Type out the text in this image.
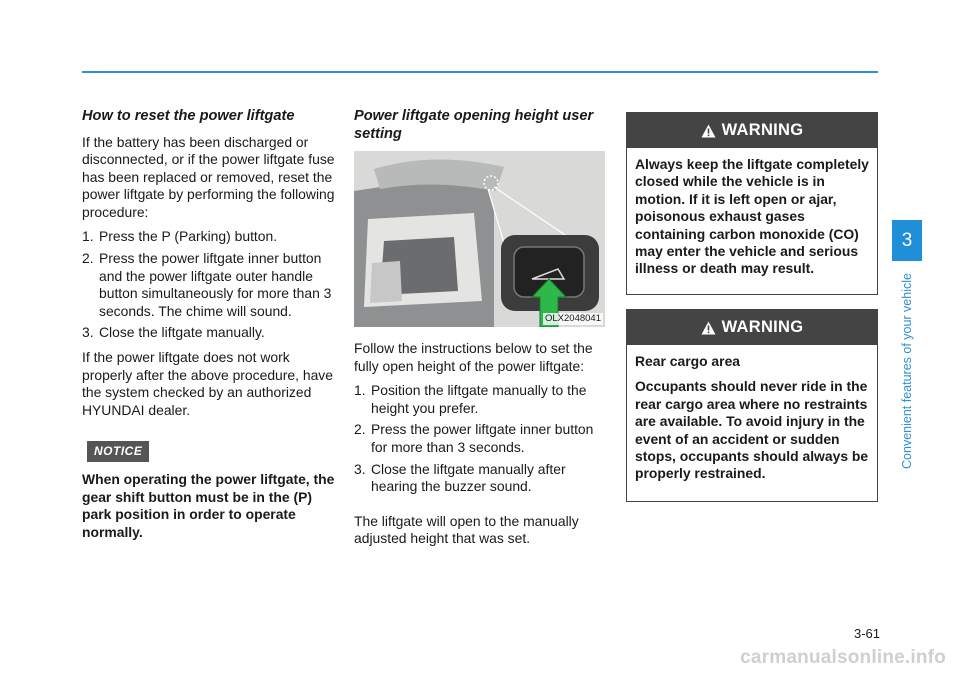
How to reset the power liftgate

If the battery has been discharged or disconnected, or if the power liftgate fuse has been replaced or removed, reset the power liftgate by performing the following procedure:

1. Press the P (Parking) button.
2. Press the power liftgate inner button and the power liftgate outer handle button simultaneously for more than 3 seconds. The chime will sound.
3. Close the liftgate manually.

If the power liftgate does not work properly after the above procedure, have the system checked by an authorized HYUNDAI dealer.

NOTICE

When operating the power liftgate, the gear shift button must be in the (P) park position in order to operate normally.

Power liftgate opening height user setting
OLX2048041

Follow the instructions below to set the fully open height of the power liftgate:

1. Position the liftgate manually to the height you prefer.
2. Press the power liftgate inner button for more than 3 seconds.
3. Close the liftgate manually after hearing the buzzer sound.

The liftgate will open to the manually adjusted height that was set.

WARNING

Always keep the liftgate completely closed while the vehicle is in motion. If it is left open or ajar, poisonous exhaust gases containing carbon monoxide (CO) may enter the vehicle and serious illness or death may result.

WARNING

Rear cargo area

Occupants should never ride in the rear cargo area where no restraints are available. To avoid injury in the event of an accident or sudden stops, occupants should always be properly restrained.

3
Convenient features of your vehicle
3-61
carmanualsonline.info
